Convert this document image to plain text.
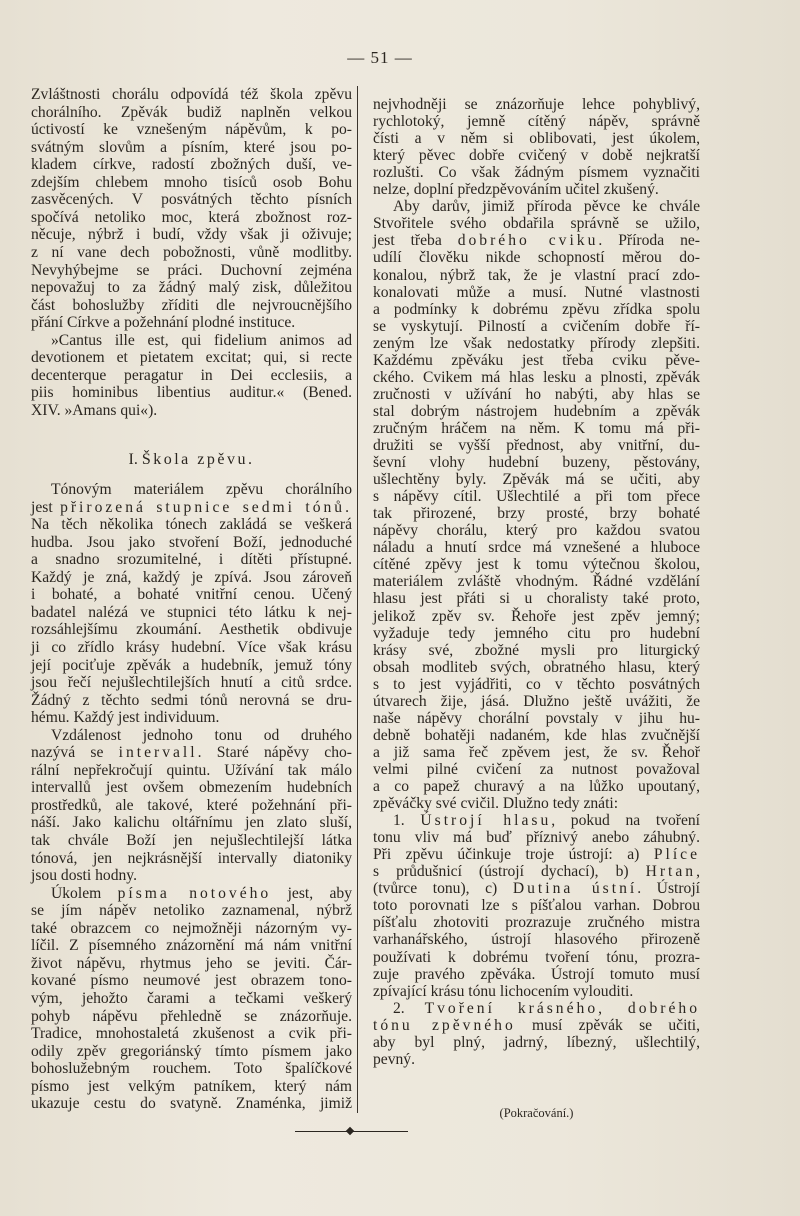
— 51 —
Zvláštnosti chorálu odpovídá též škola zpěvu
chorálního. Zpěvák budiž naplněn velkou
úctivostí ke vznešeným nápěvům, k po-
svátným slovům a písním, které jsou po-
kladem církve, radostí zbožných duší, ve-
zdejším chlebem mnoho tisíců osob Bohu
zasvěcených. V posvátných těchto písních
spočívá netoliko moc, která zbožnost roz-
něcuje, nýbrž i budí, vždy však ji oživuje;
z ní vane dech pobožnosti, vůně modlitby.
Nevyhýbejme se práci. Duchovní zejména
nepovažuj to za žádný malý zisk, důležitou
část bohoslužby zříditi dle nejvroucnějšího
přání Církve a požehnání plodné instituce.
»Cantus ille est, qui fidelium animos ad
devotionem et pietatem excitat; qui, si recte
decenterque peragatur in Dei ecclesiis, a
piis hominibus libentius auditur.« (Bened.
XIV. »Amans qui«).
I. Škola zpěvu.
Tónovým materiálem zpěvu chorálního
jest přirozená stupnice sedmi tónů.
Na těch několika tónech zakládá se veškerá
hudba. Jsou jako stvoření Boží, jednoduché
a snadno srozumitelné, i dítěti přístupné.
Každý je zná, každý je zpívá. Jsou zároveň
i bohaté, a bohaté vnitřní cenou. Učený
badatel nalézá ve stupnici této látku k nej-
rozsáhlejšímu zkoumání. Aesthetik obdivuje
ji co zřídlo krásy hudební. Více však krásu
její pociťuje zpěvák a hudebník, jemuž tóny
jsou řečí nejušlechtilejších hnutí a citů srdce.
Žádný z těchto sedmi tónů nerovná se dru-
hému. Každý jest individuum.
Vzdálenost jednoho tonu od druhého
nazývá se intervall. Staré nápěvy cho-
rální nepřekročují quintu. Užívání tak málo
intervallů jest ovšem obmezením hudebních
prostředků, ale takové, které požehnání při-
náší. Jako kalichu oltářnímu jen zlato sluší,
tak chvále Boží jen nejušlechtilejší látka
tónová, jen nejkrásnější intervally diatoniky
jsou dosti hodny.
Úkolem písma notového jest, aby
se jím nápěv netoliko zaznamenal, nýbrž
také obrazcem co nejmožněji názorným vy-
líčil. Z písemného znázornění má nám vnitřní
život nápěvu, rhytmus jeho se jeviti. Čár-
kované písmo neumové jest obrazem tono-
vým, jehožto čarami a tečkami veškerý
pohyb nápěvu přehledně se znázorňuje.
Tradice, mnohostaletá zkušenost a cvik při-
odily zpěv gregoriánský tímto písmem jako
bohoslužebným rouchem. Toto špalíčkové
písmo jest velkým patníkem, který nám
ukazuje cestu do svatyně. Znaménka, jimiž
nejvhodněji se znázorňuje lehce pohyblivý,
rychlotoký, jemně cítěný nápěv, správně
čísti a v něm si oblibovati, jest úkolem,
který pěvec dobře cvičený v době nejkratší
rozlušti. Co však žádným písmem vyznačiti
nelze, doplní předzpěvováním učitel zkušený.
Aby darův, jimiž příroda pěvce ke chvále
Stvořitele svého obdařila správně se užilo,
jest třeba dobrého cviku. Příroda ne-
udílí člověku nikde schopností měrou do-
konalou, nýbrž tak, že je vlastní prací zdo-
konalovati může a musí. Nutné vlastnosti
a podmínky k dobrému zpěvu zřídka spolu
se vyskytují. Pilností a cvičením dobře ří-
zeným lze však nedostatky přírody zlepšiti.
Každému zpěváku jest třeba cviku pěve-
ckého. Cvikem má hlas lesku a plnosti, zpěvák
zručnosti v užívání ho nabýti, aby hlas se
stal dobrým nástrojem hudebním a zpěvák
zručným hráčem na něm. K tomu má při-
družiti se vyšší přednost, aby vnitřní, du-
ševní vlohy hudební buzeny, pěstovány,
ušlechtěny byly. Zpěvák má se učiti, aby
s nápěvy cítil. Ušlechtilé a při tom přece
tak přirozené, brzy prosté, brzy bohaté
nápěvy chorálu, který pro každou svatou
náladu a hnutí srdce má vznešené a hluboce
cítěné zpěvy jest k tomu výtečnou školou,
materiálem zvláště vhodným. Řádné vzdělání
hlasu jest přáti si u choralisty také proto,
jelikož zpěv sv. Řehoře jest zpěv jemný;
vyžaduje tedy jemného citu pro hudební
krásy své, zbožné mysli pro liturgický
obsah modliteb svých, obratného hlasu, který
s to jest vyjádřiti, co v těchto posvátných
útvarech žije, jásá. Dlužno ještě uvážiti, že
naše nápěvy chorální povstaly v jihu hu-
debně bohatěji nadaném, kde hlas zvučnější
a již sama řeč zpěvem jest, že sv. Řehoř
velmi pilné cvičení za nutnost považoval
a co papež churavý a na lůžko upoutaný,
zpěváčky své cvičil. Dlužno tedy znáti:
1. Ústrojí hlasu, pokud na tvoření
tonu vliv má buď příznivý anebo záhubný.
Při zpěvu účinkuje troje ústrojí: a) Plíce
s průdušnicí (ústrojí dychací), b) Hrtan,
(tvůrce tonu), c) Dutina ústní. Ústrojí
toto porovnati lze s píšťalou varhan. Dobrou
píšťalu zhotoviti prozrazuje zručného mistra
varhanářského, ústrojí hlasového přirozeně
používati k dobrému tvoření tónu, prozra-
zuje pravého zpěváka. Ústrojí tomuto musí
zpívající krásu tónu lichocením vylouditi.
2. Tvoření krásného, dobrého
tónu zpěvného musí zpěvák se učiti,
aby byl plný, jadrný, líbezný, ušlechtilý,
pevný.
(Pokračování.)
